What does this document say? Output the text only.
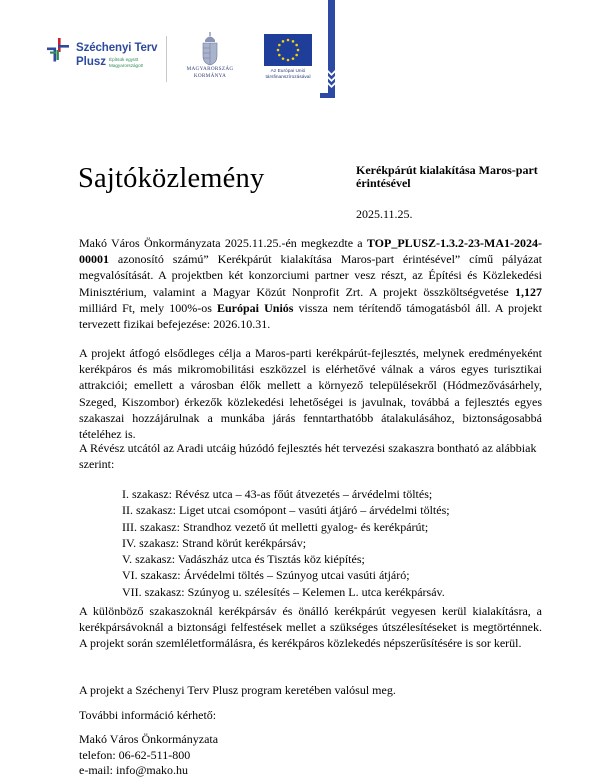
Széchenyi Terv
Plusz Építsük együtt
Magyarországot!
MAGYARORSZÁG
KORMÁNYA
Az Európai Unió
társfinanszírozásával
Sajtóközlemény	Kerékpárút kialakítása Maros-part érintésével
2025.11.25.
Makó Város Önkormányzata 2025.11.25.-én megkezdte a TOP_PLUSZ-1.3.2-23-MA1-2024-00001 azonosító számú” Kerékpárút kialakítása Maros-part érintésével” című pályázat megvalósítását. A projektben két konzorciumi partner vesz részt, az Építési és Közlekedési Minisztérium, valamint a Magyar Közút Nonprofit Zrt. A projekt összköltségvetése 1,127 milliárd Ft, mely 100%-os Európai Uniós vissza nem térítendő támogatásból áll. A projekt tervezett fizikai befejezése: 2026.10.31.
A projekt átfogó elsődleges célja a Maros-parti kerékpárút-fejlesztés, melynek eredményeként kerékpáros és más mikromobilitási eszközzel is elérhetővé válnak a város egyes turisztikai attrakciói; emellett a városban élők mellett a környező településekről (Hódmezővásárhely, Szeged, Kiszombor) érkezők közlekedési lehetőségei is javulnak, továbbá a fejlesztés egyes szakaszai hozzájárulnak a munkába járás fenntarthatóbb átalakulásához, biztonságosabbá tételéhez is.
A Révész utcától az Aradi utcáig húzódó fejlesztés hét tervezési szakaszra bontható az alábbiak szerint:
I. szakasz: Révész utca – 43-as főút átvezetés – árvédelmi töltés;
II. szakasz: Liget utcai csomópont – vasúti átjáró – árvédelmi töltés;
III. szakasz: Strandhoz vezető út melletti gyalog- és kerékpárút;
IV. szakasz: Strand körút kerékpársáv;
V. szakasz: Vadászház utca és Tisztás köz kiépítés;
VI. szakasz: Árvédelmi töltés – Szúnyog utcai vasúti átjáró;
VII. szakasz: Szúnyog u. szélesítés – Kelemen L. utca kerékpársáv.
A különböző szakaszoknál kerékpársáv és önálló kerékpárút vegyesen kerül kialakításra, a kerékpársávoknál a biztonsági felfestések mellet a szükséges útszélesítéseket is megtörténnek. A projekt során szemléletformálásra, és kerékpáros közlekedés népszerűsítésére is sor kerül.
A projekt a Széchenyi Terv Plusz program keretében valósul meg.
További információ kérhető:
Makó Város Önkormányzata
telefon: 06-62-511-800
e-mail: info@mako.hu
